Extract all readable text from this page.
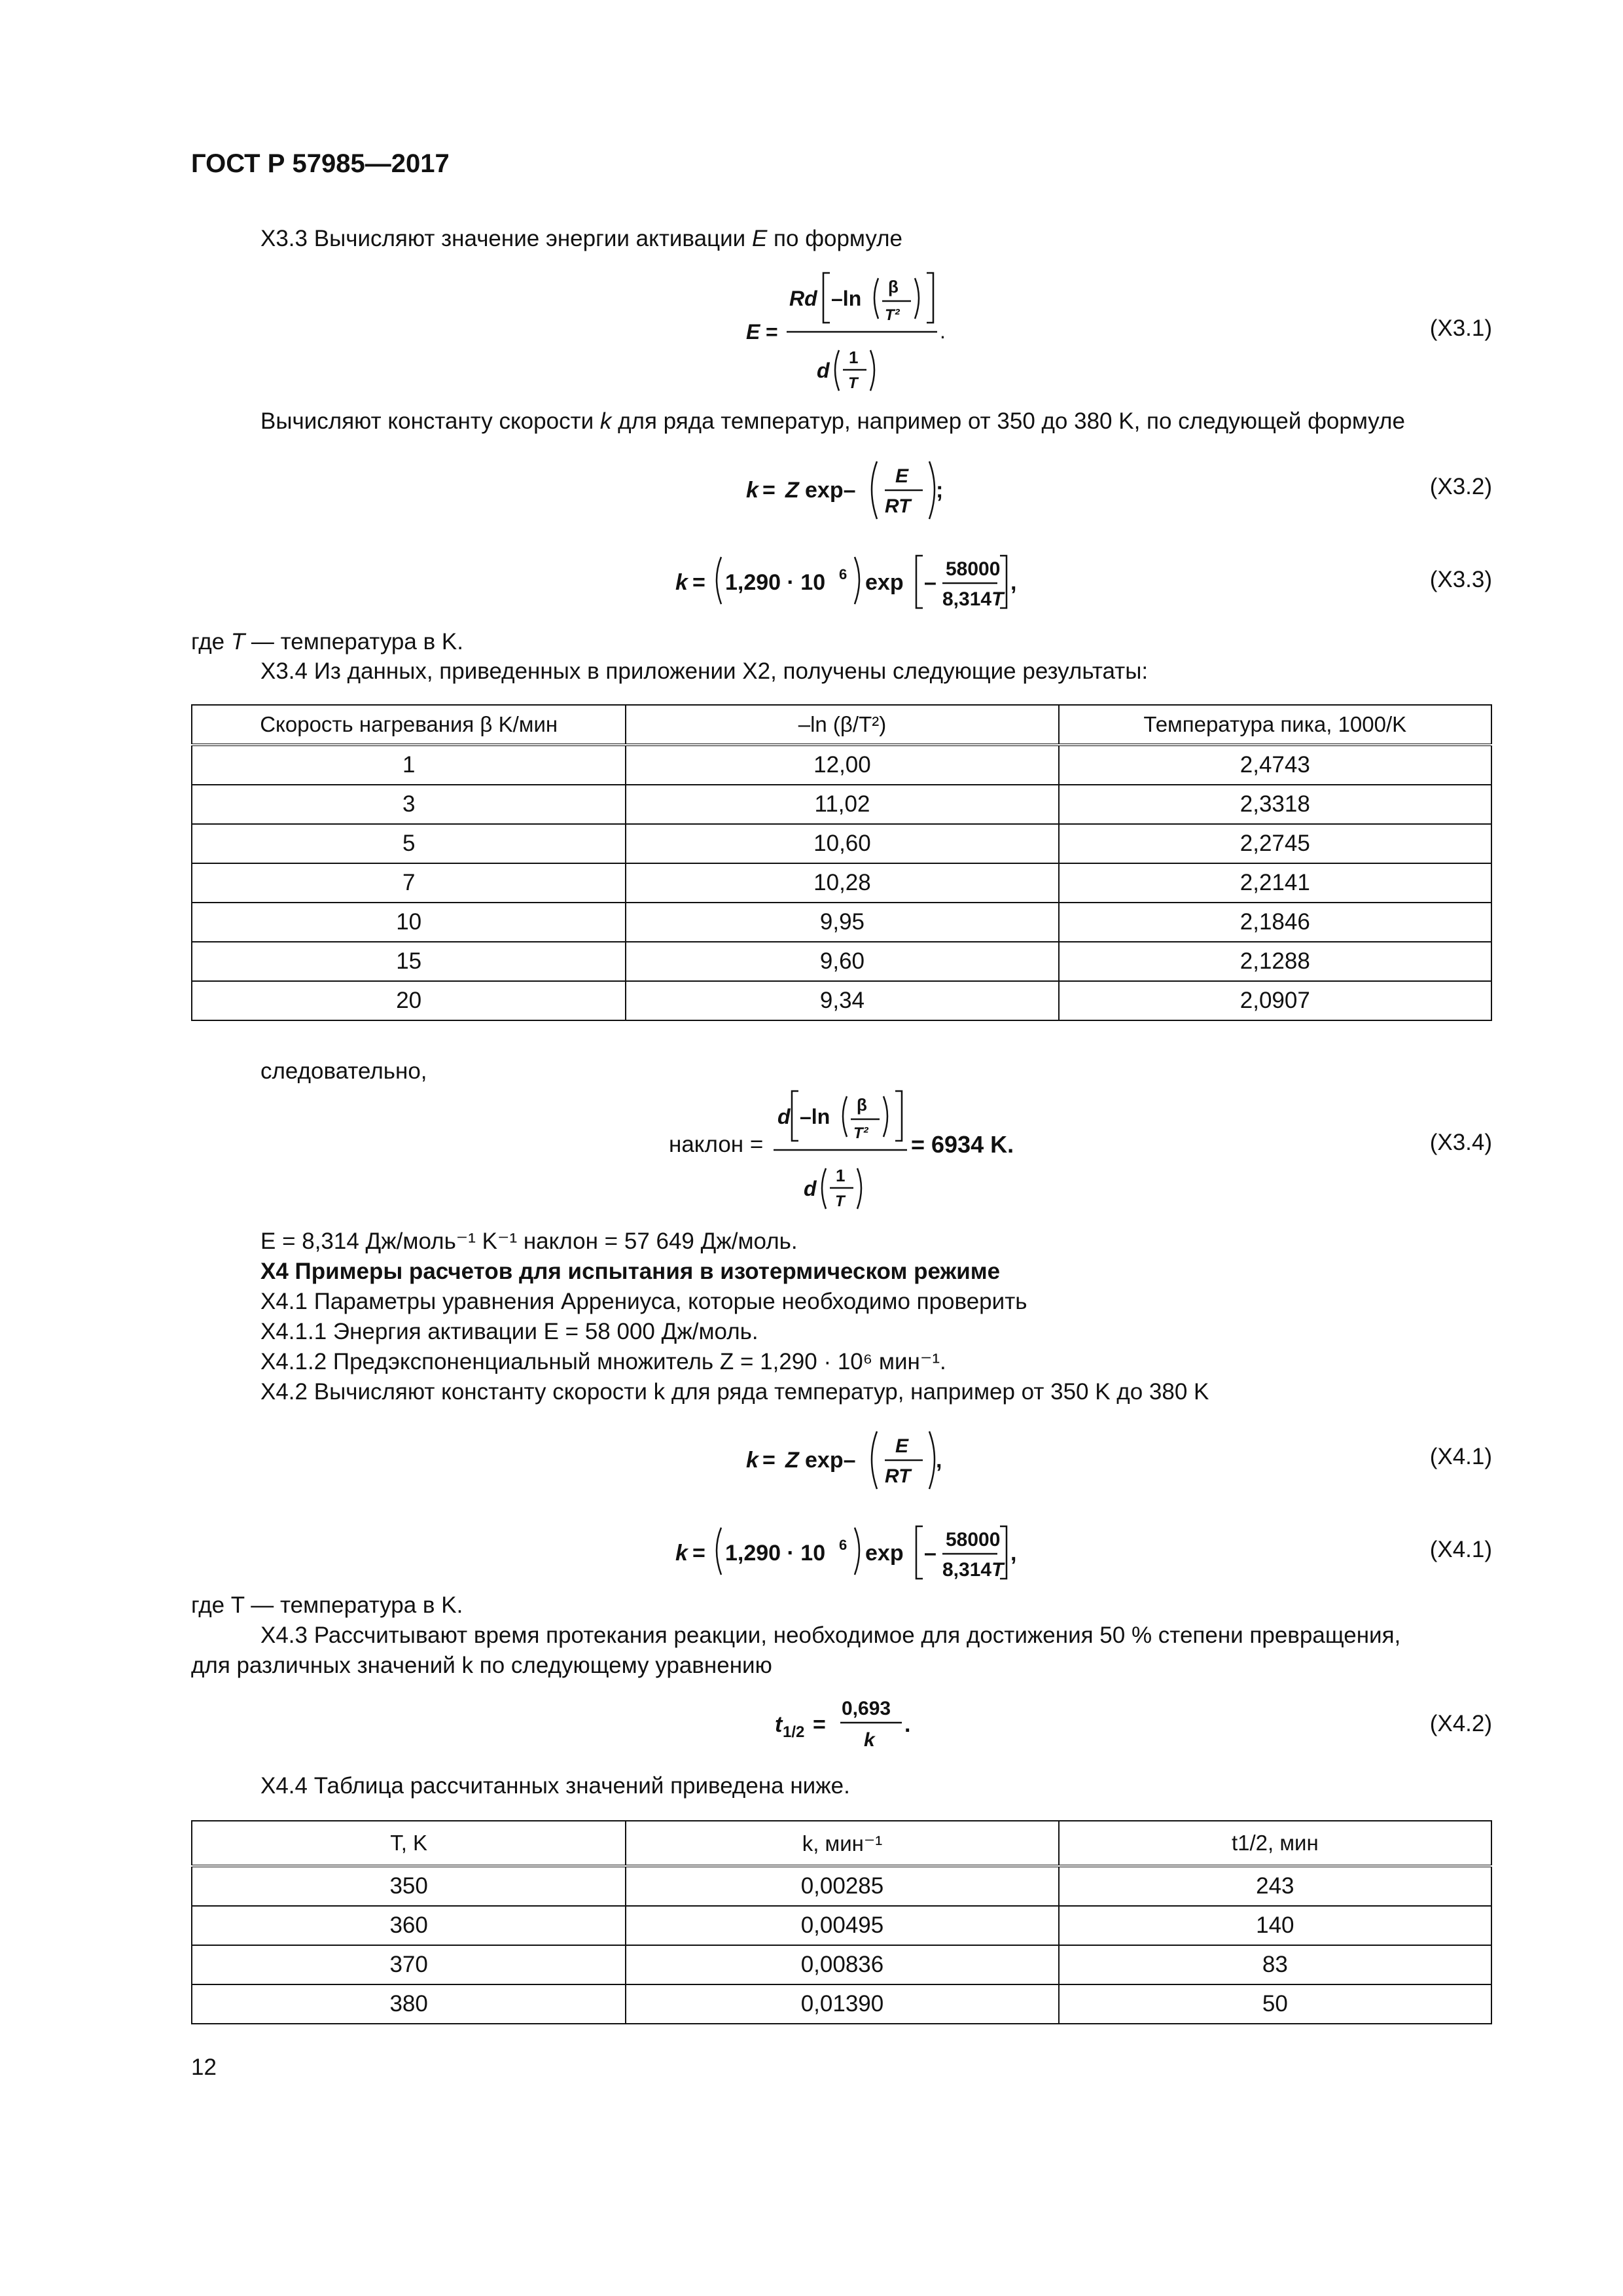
ГОСТ Р 57985—2017
X3.3 Вычисляют значение энергии активации E по формуле
E =
Rd –ln β
T²
d
1
T
.	(X3.1)
Вычисляют константу скорости k для ряда температур, например от 350 до 380 K, по следующей формуле
k = Z exp–
E
RT
;	(X3.2)
k = 1,290 · 10 6 exp –
58000
8,314T
,	(X3.3)
где T — температура в K.
X3.4 Из данных, приведенных в приложении X2, получены следующие результаты:
Скорость нагревания β K/мин	–ln (β/T²)	Температура пика, 1000/K
1	12,00	2,4743
3	11,02	2,3318
5	10,60	2,2745
7	10,28	2,2141
10	9,95	2,1846
15	9,60	2,1288
20	9,34	2,0907
следовательно,
наклон =
d –ln β
T²
d
1
T
= 6934 K.	(X3.4)
E = 8,314 Дж/моль⁻¹ K⁻¹ наклон = 57 649 Дж/моль.
X4 Примеры расчетов для испытания в изотермическом режиме
X4.1 Параметры уравнения Аррениуса, которые необходимо проверить
X4.1.1 Энергия активации E = 58 000 Дж/моль.
X4.1.2 Предэкспоненциальный множитель Z = 1,290 · 10⁶ мин⁻¹.
X4.2 Вычисляют константу скорости k для ряда температур, например от 350 K до 380 K
k = Z exp–
E
RT
,	(X4.1)
k = 1,290 · 10 6 exp –
58000
8,314T
,	(X4.1)
где T — температура в K.
X4.3 Рассчитывают время протекания реакции, необходимое для достижения 50 % степени превращения,
для различных значений k по следующему уравнению
t 1/2 =
0,693
k
.	(X4.2)
X4.4 Таблица рассчитанных значений приведена ниже.
T, K	k, мин⁻¹	t1/2, мин
350	0,00285	243
360	0,00495	140
370	0,00836	83
380	0,01390	50
12
